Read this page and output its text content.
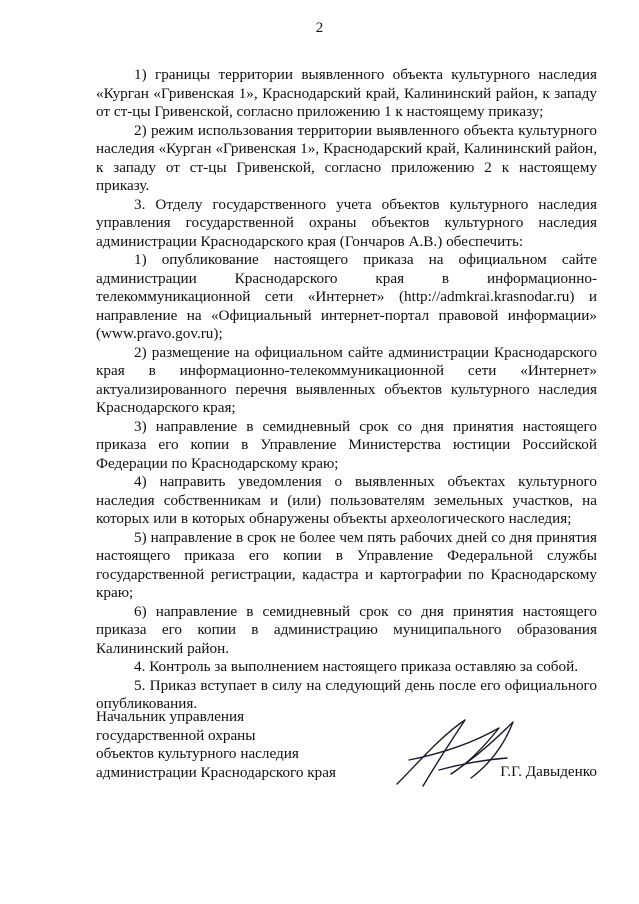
2

1) границы территории выявленного объекта культурного наследия «Курган «Гривенская 1», Краснодарский край, Калининский район, к западу от ст-цы Гривенской, согласно приложению 1 к настоящему приказу;

2) режим использования территории выявленного объекта культурного наследия «Курган «Гривенская 1», Краснодарский край, Калининский район, к западу от ст-цы Гривенской, согласно приложению 2 к настоящему приказу.

3. Отделу государственного учета объектов культурного наследия управления государственной охраны объектов культурного наследия администрации Краснодарского края (Гончаров А.В.) обеспечить:

1) опубликование настоящего приказа на официальном сайте администрации Краснодарского края в информационно-телекоммуникационной сети «Интернет» (http://admkrai.krasnodar.ru) и направление на «Официальный интернет-портал правовой информации» (www.pravo.gov.ru);

2) размещение на официальном сайте администрации Краснодарского края в информационно-телекоммуникационной сети «Интернет» актуализированного перечня выявленных объектов культурного наследия Краснодарского края;

3) направление в семидневный срок со дня принятия настоящего приказа его копии в Управление Министерства юстиции Российской Федерации по Краснодарскому краю;

4) направить уведомления о выявленных объектах культурного наследия собственникам и (или) пользователям земельных участков, на которых или в которых обнаружены объекты археологического наследия;

5) направление в срок не более чем пять рабочих дней со дня принятия настоящего приказа его копии в Управление Федеральной службы государственной регистрации, кадастра и картографии по Краснодарскому краю;

6) направление в семидневный срок со дня принятия настоящего приказа его копии в администрацию муниципального образования Калининский район.

4. Контроль за выполнением настоящего приказа оставляю за собой.

5. Приказ вступает в силу на следующий день после его официального опубликования.

Начальник управления
государственной охраны
объектов культурного наследия
администрации Краснодарского края	Г.Г. Давыденко
